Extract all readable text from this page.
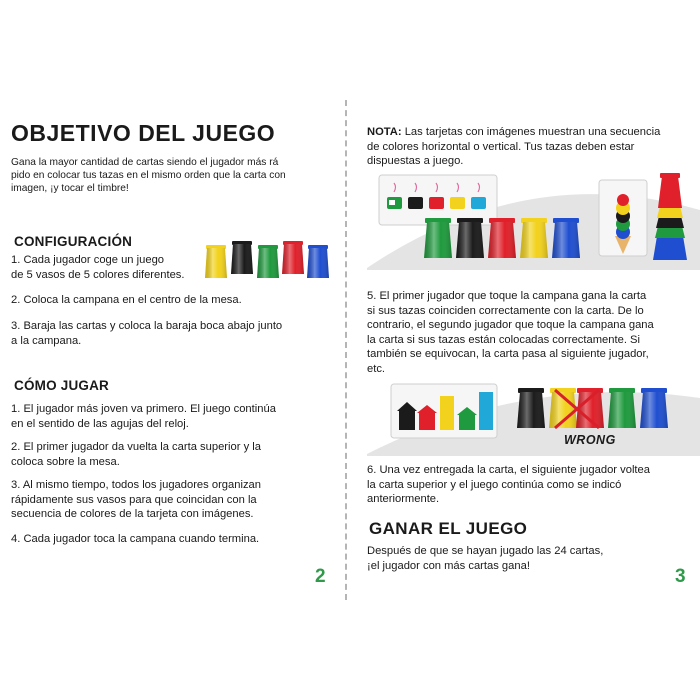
OBJETIVO DEL JUEGO
Gana la mayor cantidad de cartas siendo el jugador más rá
pido en colocar tus tazas en el mismo orden que la carta con
imagen, ¡y tocar el timbre!
CONFIGURACIÓN
1. Cada jugador coge un juego
de 5 vasos de 5 colores diferentes.
2. Coloca la campana en el centro de la mesa.
3. Baraja las cartas y coloca la baraja boca abajo junto
a la campana.
CÓMO JUGAR
1. El jugador más joven va primero. El juego continúa
en el sentido de las agujas del reloj.
2. El primer jugador da vuelta la carta superior y la
coloca sobre la mesa.
3. Al mismo tiempo, todos los jugadores organizan
rápidamente sus vasos para que coincidan con la
secuencia de colores de la tarjeta con imágenes.
4. Cada jugador toca la campana cuando termina.
2
NOTA: Las tarjetas con imágenes muestran una secuencia
de colores horizontal o vertical. Tus tazas deben estar
dispuestas a juego.
5. El primer jugador que toque la campana gana la carta
si sus tazas coinciden correctamente con la carta. De lo
contrario, el segundo jugador que toque la campana gana
la carta si sus tazas están colocadas correctamente. Si
también se equivocan, la carta pasa al siguiente jugador,
etc.
WRONG
6. Una vez entregada la carta, el siguiente jugador voltea
la carta superior y el juego continúa como se indicó
anteriormente.
GANAR EL JUEGO
Después de que se hayan jugado las 24 cartas,
¡el jugador con más cartas gana!
3
